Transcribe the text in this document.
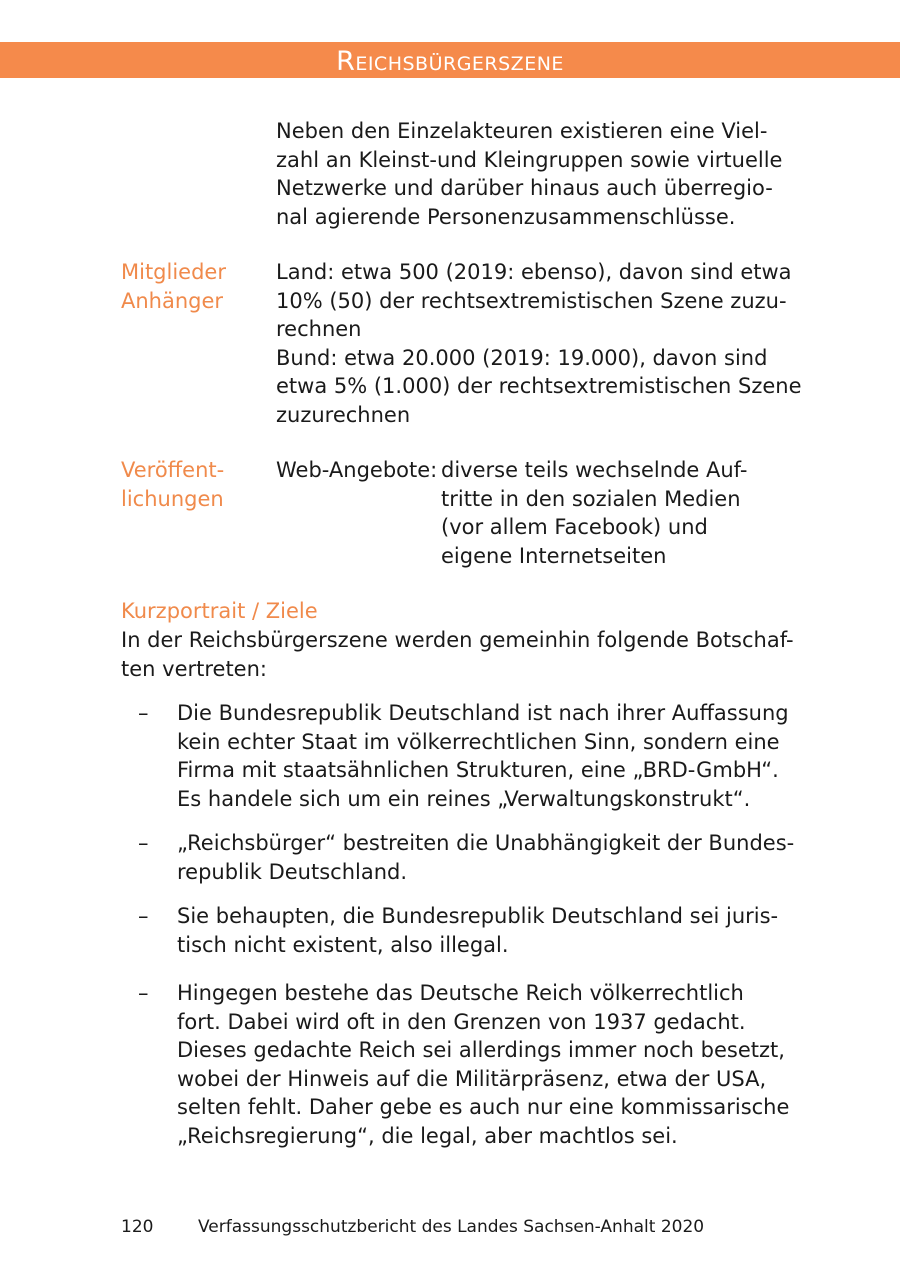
Reichsbürgerszene
Neben den Einzelakteuren existieren eine Viel-
zahl an Kleinst-und Kleingruppen sowie virtuelle
Netzwerke und darüber hinaus auch überregio-
nal agierende Personenzusammenschlüsse.
Mitglieder
Anhänger
Land: etwa 500 (2019: ebenso), davon sind etwa
10% (50) der rechtsextremistischen Szene zuzu-
rechnen
Bund: etwa 20.000 (2019: 19.000), davon sind
etwa 5% (1.000) der rechtsextremistischen Szene
zuzurechnen
Veröffent-
lichungen
Web-Angebote: diverse teils wechselnde Auf-
tritte in den sozialen Medien
(vor allem Facebook) und
eigene Internetseiten
Kurzportrait / Ziele
In der Reichsbürgerszene werden gemeinhin folgende Botschaf-
ten vertreten:
– Die Bundesrepublik Deutschland ist nach ihrer Auffassung
kein echter Staat im völkerrechtlichen Sinn, sondern eine
Firma mit staatsähnlichen Strukturen, eine „BRD-GmbH“.
Es handele sich um ein reines „Verwaltungskonstrukt“.
– „Reichsbürger“ bestreiten die Unabhängigkeit der Bundes-
republik Deutschland.
– Sie behaupten, die Bundesrepublik Deutschland sei juris-
tisch nicht existent, also illegal.
– Hingegen bestehe das Deutsche Reich völkerrechtlich
fort. Dabei wird oft in den Grenzen von 1937 gedacht.
Dieses gedachte Reich sei allerdings immer noch besetzt,
wobei der Hinweis auf die Militärpräsenz, etwa der USA,
selten fehlt. Daher gebe es auch nur eine kommissarische
„Reichsregierung“, die legal, aber machtlos sei.
120	Verfassungsschutzbericht des Landes Sachsen-Anhalt 2020
